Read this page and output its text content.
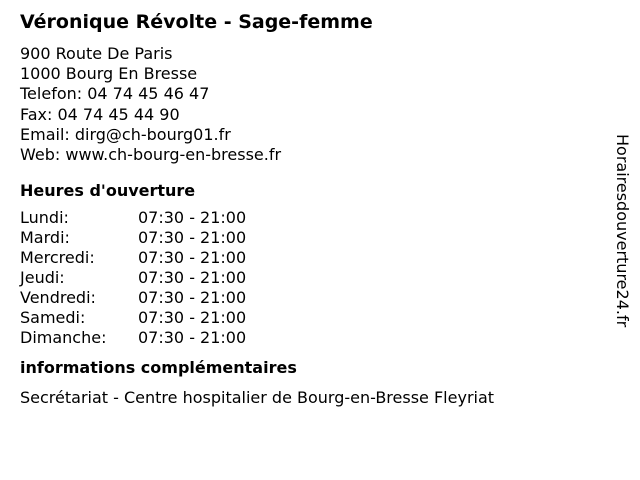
Véronique Révolte - Sage-femme
900 Route De Paris
1000 Bourg En Bresse
Telefon: 04 74 45 46 47
Fax: 04 74 45 44 90
Email: dirg@ch-bourg01.fr
Web: www.ch-bourg-en-bresse.fr
Heures d'ouverture
Lundi:	07:30 - 21:00
Mardi:	07:30 - 21:00
Mercredi:	07:30 - 21:00
Jeudi:	07:30 - 21:00
Vendredi:	07:30 - 21:00
Samedi:	07:30 - 21:00
Dimanche:	07:30 - 21:00
informations complémentaires
Secrétariat - Centre hospitalier de Bourg-en-Bresse Fleyriat
Horairesdouverture24.fr
